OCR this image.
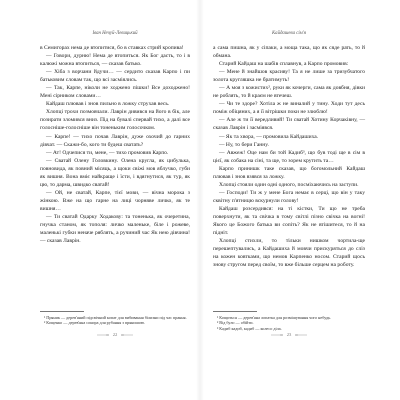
Іван Нечуй-Левицький

в Семигорах нема де втопитися, бо в ставках стрий кропива!

— Говори, дурню! Нема де втопиться. Як Бог дасть, то і в калюжі можна втопиться, — сказав батько.

— Хіба з ворчани йдучи… — сердито сказав Карпо і пи батьковим словам так, що всі засміялись.

— Так, Карпе, ніколи не ходжено пішки! Все доходжено! Мені сірником словами…

Кайдаш плював і знов пильно в ложку струхав весь.

Хлопці трохи позмовчали. Лаврін дивився на його в бік, але позирати зломився вниз. Під на бувалі спервай тихо, а далі все голосніше-голосніше він тоненьким голосочком.

— Карпе! — тихо почав Лаврін, дуже охочий до гарних дівчат. — Скажи-бо, кого ти будеш сватать?

— Ат! Одчепися ти, мене, — тихо промовив Карпо.

— Сватай Олену Головкину. Олена кругла, як цибулька, повновида, як повний місяць, а щоки свіжі мов яблучко, губи як вишня. Вона вміє найкраще і їсти, і вдягнутися, як тур, як цю, то дарма, швидко сватай!

— Ой, не сватай, Карпе, тієї мови, — вічна морока з жінкою. Вже на що гарне на лиці чорняве личко, як те вишня…

— Ти сватай Одарку Ходакову: та тоненька, як очеретина, гнучка станом, як тополя: личко маленьке, біле і рожеве, маленькі губки неначе ряблять, а ручиний час Як нею дівчина! — сказав Лаврін.

¹ Пряник — дерев'яний підсвічний копат для вибивання білизни під час прання.

² Кощенко — дерев'яна сокира для рубання з прянишою.

22
Кайдашева сім'я

а сама пишна, як у сіпаки, а моща така, що як сяде рать, то й обмана.

Старий Кайдаш на шабів сплавнув, а Карпо промовив:

— Мене й знайшов красиву! Та я не лише за тризубчатого золота кругляшка не братимуть!

— А моя з кожистих², руки як кочерги, сама як довбня, дівки не роблять, то й краєм не втечеш.

— Чи те здоре? Хотіла ж не виналий у тину. Ходи тут десь поміж обіцяних, а я її вітрішки поки не злюблю!

— Але ж ти її вередливий! Ти сватай Хотину Корчаківну, — сказав Лаврін і засміявся.

— Як та хвора, — промовила Кайдашиха.

— Ну, то бери Ганну.

— Авжеж! Оце нам би той Кадиб³, що був тоді ще в сім в цієї, як собака на сіні, та ще, то зорем крутить та…

Карпо принишк таке сказав, що богомольний Кайдаш плював і знов взявся за ложку.

Хлопці стояли один одні одного, посміхаючись на заступи.

— Господи! Ти ж у мене Бога немає в серці, що він у таку сквітну п'ятницю вскурнули голову!

Кайдаш розсердився: на ті кістки, Ти що не треба поверхнути, як та свічка в тому світлі пізно свічка на вогні! Якого це Божого батька ви сопіть? Як не втішитеся, то й на підніт.

Хлопці стихли, то тільки нишком чортила-ще перешептувались, а Кайдашиха й мовчи прискуряться до сліз на кожен ковтками, що немов Карпенко носом. Старий щось знову стругом перед своїм, то вже більше серцем на роботу.

¹ Кощиться — дерев'яна лопатка для розмішування чого небудь.

² Від було — обійти.

³ Кадиб кадиб, кадиб — колесо діла.

23
